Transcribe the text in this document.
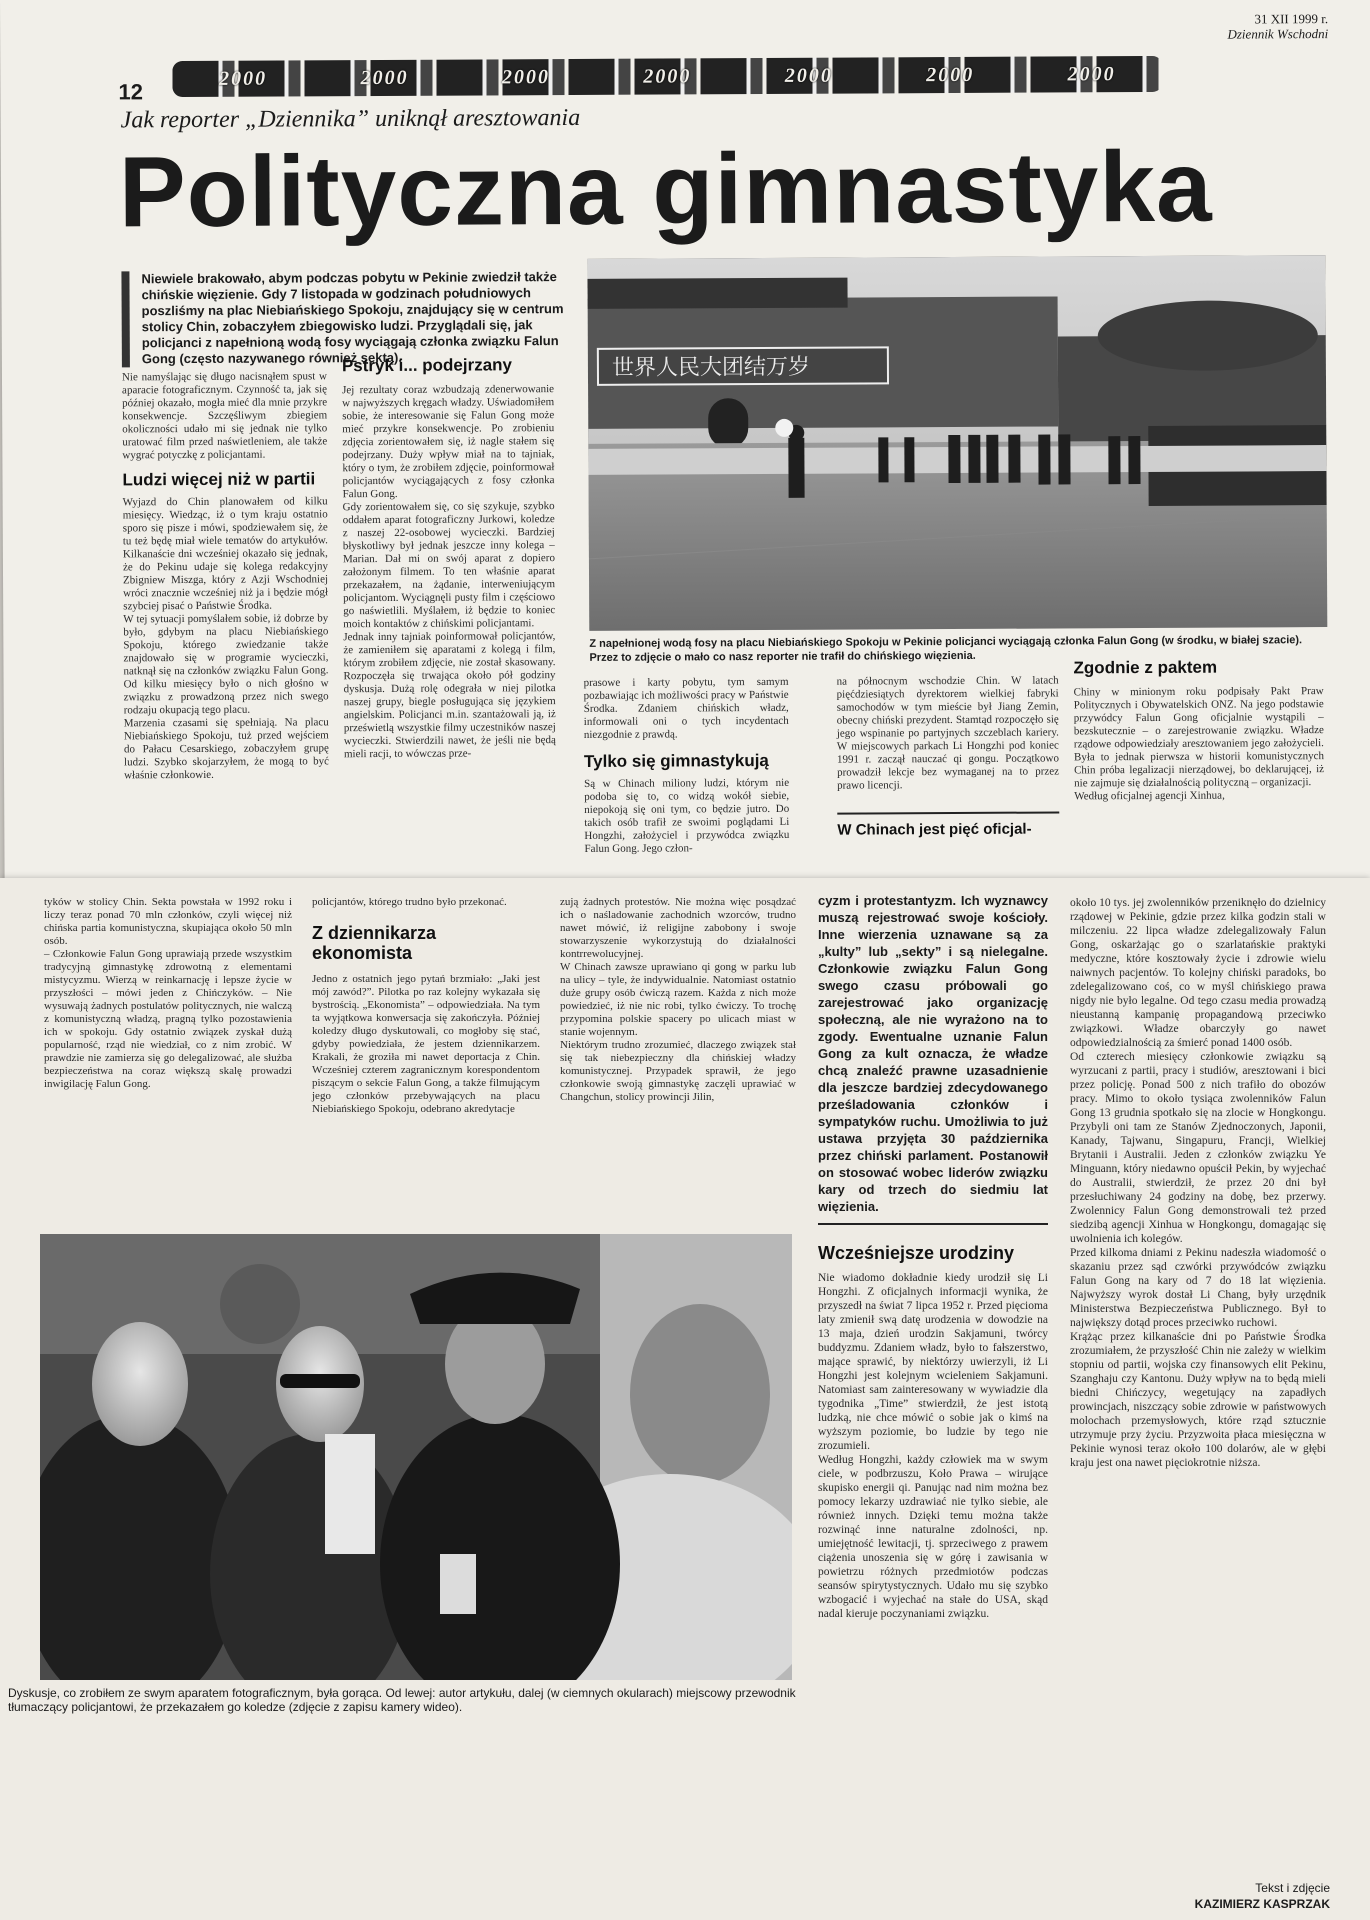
31 XII 1999 r.
Dziennik Wschodni
12
2000	2000	2000	2000	2000	2000	2000
Jak reporter „Dziennika” uniknął aresztowania
Polityczna gimnastyka
Niewiele brakowało, abym podczas pobytu w Pekinie zwiedził także chińskie więzienie. Gdy 7 listopada w godzinach południowych poszliśmy na plac Niebiańskiego Spokoju, znajdujący się w centrum stolicy Chin, zobaczyłem zbiegowisko ludzi. Przyglądali się, jak policjanci z napełnioną wodą fosy wyciągają członka związku Falun Gong (często nazywanego również sektą).
Nie namyślając się długo nacisnąłem spust w aparacie fotograficznym. Czynność ta, jak się później okazało, mogła mieć dla mnie przykre konsekwencje. Szczęśliwym zbiegiem okoliczności udało mi się jednak nie tylko uratować film przed naświetleniem, ale także wygrać potyczkę z policjantami.
Ludzi więcej niż w partii
Wyjazd do Chin planowałem od kilku miesięcy. Wiedząc, iż o tym kraju ostatnio sporo się pisze i mówi, spodziewałem się, że tu też będę miał wiele tematów do artykułów. Kilkanaście dni wcześniej okazało się jednak, że do Pekinu udaje się kolega redakcyjny Zbigniew Miszga, który z Azji Wschodniej wróci znacznie wcześniej niż ja i będzie mógł szybciej pisać o Państwie Środka.
W tej sytuacji pomyślałem sobie, iż dobrze by było, gdybym na placu Niebiańskiego Spokoju, którego zwiedzanie także znajdowało się w programie wycieczki, natknął się na członków związku Falun Gong. Od kilku miesięcy było o nich głośno w związku z prowadzoną przez nich swego rodzaju okupacją tego placu.
Marzenia czasami się spełniają. Na placu Niebiańskiego Spokoju, tuż przed wejściem do Pałacu Cesarskiego, zobaczyłem grupę ludzi. Szybko skojarzyłem, że mogą to być właśnie członkowie.
Pstryk i... podejrzany
Jej rezultaty coraz wzbudzają zdenerwowanie w najwyższych kręgach władzy. Uświadomiłem sobie, że interesowanie się Falun Gong może mieć przykre konsekwencje. Po zrobieniu zdjęcia zorientowałem się, iż nagle stałem się podejrzany. Duży wpływ miał na to tajniak, który o tym, że zrobiłem zdjęcie, poinformował policjantów wyciągających z fosy członka Falun Gong.
Gdy zorientowałem się, co się szykuje, szybko oddałem aparat fotograficzny Jurkowi, koledze z naszej 22-osobowej wycieczki. Bardziej błyskotliwy był jednak jeszcze inny kolega – Marian. Dał mi on swój aparat z dopiero założonym filmem. To ten właśnie aparat przekazałem, na żądanie, interweniującym policjantom. Wyciągnęli pusty film i częściowo go naświetlili. Myślałem, iż będzie to koniec moich kontaktów z chińskimi policjantami.
Jednak inny tajniak poinformował policjantów, że zamieniłem się aparatami z kolegą i film, którym zrobiłem zdjęcie, nie został skasowany. Rozpoczęła się trwająca około pół godziny dyskusja. Dużą rolę odegrała w niej pilotka naszej grupy, biegle posługująca się językiem angielskim. Policjanci m.in. szantażowali ją, iż prześwietlą wszystkie filmy uczestników naszej wycieczki. Stwierdzili nawet, że jeśli nie będą mieli racji, to wówczas prze-
世界人民大团结万岁
Z napełnionej wodą fosy na placu Niebiańskiego Spokoju w Pekinie policjanci wyciągają członka Falun Gong (w środku, w białej szacie). Przez to zdjęcie o mało co nasz reporter nie trafił do chińskiego więzienia.
prasowe i karty pobytu, tym samym pozbawiając ich możliwości pracy w Państwie Środka. Zdaniem chińskich władz, informowali oni o tych incydentach niezgodnie z prawdą.
Tylko się gimnastykują
Są w Chinach miliony ludzi, którym nie podoba się to, co widzą wokół siebie, niepokoją się oni tym, co będzie jutro. Do takich osób trafił ze swoimi poglądami Li Hongzhi, założyciel i przywódca związku Falun Gong. Jego człon-
na północnym wschodzie Chin. W latach pięćdziesiątych dyrektorem wielkiej fabryki samochodów w tym mieście był Jiang Zemin, obecny chiński prezydent. Stamtąd rozpoczęło się jego wspinanie po partyjnych szczeblach kariery. W miejscowych parkach Li Hongzhi pod koniec 1991 r. zaczął nauczać qi gongu. Początkowo prowadził lekcje bez wymaganej na to przez prawo licencji.
W Chinach jest pięć oficjal-
Zgodnie z paktem
Chiny w minionym roku podpisały Pakt Praw Politycznych i Obywatelskich ONZ. Na jego podstawie przywódcy Falun Gong oficjalnie wystąpili – bezskutecznie – o zarejestrowanie związku. Władze rządowe odpowiedziały aresztowaniem jego założycieli. Była to jednak pierwsza w historii komunistycznych Chin próba legalizacji nierządowej, bo deklarującej, iż nie zajmuje się działalnością polityczną – organizacji.
Według oficjalnej agencji Xinhua,
tyków w stolicy Chin. Sekta powstała w 1992 roku i liczy teraz ponad 70 mln członków, czyli więcej niż chińska partia komunistyczna, skupiająca około 50 mln osób.
– Członkowie Falun Gong uprawiają przede wszystkim tradycyjną gimnastykę zdrowotną z elementami mistycyzmu. Wierzą w reinkarnację i lepsze życie w przyszłości – mówi jeden z Chińczyków. – Nie wysuwają żadnych postulatów politycznych, nie walczą z komunistyczną władzą, pragną tylko pozostawienia ich w spokoju. Gdy ostatnio związek zyskał dużą popularność, rząd nie wiedział, co z nim zrobić. W prawdzie nie zamierza się go delegalizować, ale służba bezpieczeństwa na coraz większą skalę prowadzi inwigilację Falun Gong.
policjantów, którego trudno było przekonać.
Z dziennikarza ekonomista
Jedno z ostatnich jego pytań brzmiało: „Jaki jest mój zawód?”. Pilotka po raz kolejny wykazała się bystrością. „Ekonomista” – odpowiedziała. Na tym ta wyjątkowa konwersacja się zakończyła. Później koledzy długo dyskutowali, co mogłoby się stać, gdyby powiedziała, że jestem dziennikarzem. Krakali, że groziła mi nawet deportacja z Chin. Wcześniej czterem zagranicznym korespondentom piszącym o sekcie Falun Gong, a także filmującym jego członków przebywających na placu Niebiańskiego Spokoju, odebrano akredytacje
zują żadnych protestów. Nie można więc posądzać ich o naśladowanie zachodnich wzorców, trudno nawet mówić, iż religijne zabobony i swoje stowarzyszenie wykorzystują do działalności kontrrewolucyjnej.
W Chinach zawsze uprawiano qi gong w parku lub na ulicy – tyle, że indywidualnie. Natomiast ostatnio duże grupy osób ćwiczą razem. Każda z nich może powiedzieć, iż nie nic robi, tylko ćwiczy. To trochę przypomina polskie spacery po ulicach miast w stanie wojennym.
Niektórym trudno zrozumieć, dlaczego związek stał się tak niebezpieczny dla chińskiej władzy komunistycznej. Przypadek sprawił, że jego członkowie swoją gimnastykę zaczęli uprawiać w Changchun, stolicy prowincji Jilin,
cyzm i protestantyzm. Ich wyznawcy muszą rejestrować swoje kościoły. Inne wierzenia uznawane są za „kulty” lub „sekty” i są nielegalne. Członkowie związku Falun Gong swego czasu próbowali go zarejestrować jako organizację społeczną, ale nie wyrażono na to zgody. Ewentualne uznanie Falun Gong za kult oznacza, że władze chcą znaleźć prawne uzasadnienie dla jeszcze bardziej zdecydowanego prześladowania członków i sympatyków ruchu. Umożliwia to już ustawa przyjęta 30 października przez chiński parlament. Postanowił on stosować wobec liderów związku kary od trzech do siedmiu lat więzienia.
Wcześniejsze urodziny
Nie wiadomo dokładnie kiedy urodził się Li Hongzhi. Z oficjalnych informacji wynika, że przyszedł na świat 7 lipca 1952 r. Przed pięcioma laty zmienił swą datę urodzenia w dowodzie na 13 maja, dzień urodzin Sakjamuni, twórcy buddyzmu. Zdaniem władz, było to fałszerstwo, mające sprawić, by niektórzy uwierzyli, iż Li Hongzhi jest kolejnym wcieleniem Sakjamuni. Natomiast sam zainteresowany w wywiadzie dla tygodnika „Time” stwierdził, że jest istotą ludzką, nie chce mówić o sobie jak o kimś na wyższym poziomie, bo ludzie by tego nie zrozumieli.
Według Hongzhi, każdy człowiek ma w swym ciele, w podbrzuszu, Koło Prawa – wirujące skupisko energii qi. Panując nad nim można bez pomocy lekarzy uzdrawiać nie tylko siebie, ale również innych. Dzięki temu można także rozwinąć inne naturalne zdolności, np. umiejętność lewitacji, tj. sprzeciwego z prawem ciążenia unoszenia się w górę i zawisania w powietrzu różnych przedmiotów podczas seansów spirytystycznych. Udało mu się szybko wzbogacić i wyjechać na stałe do USA, skąd nadal kieruje poczynaniami związku.
około 10 tys. jej zwolenników przeniknęło do dzielnicy rządowej w Pekinie, gdzie przez kilka godzin stali w milczeniu. 22 lipca władze zdelegalizowały Falun Gong, oskarżając go o szarlatańskie praktyki medyczne, które kosztowały życie i zdrowie wielu naiwnych pacjentów. To kolejny chiński paradoks, bo zdelegalizowano coś, co w myśl chińskiego prawa nigdy nie było legalne. Od tego czasu media prowadzą nieustanną kampanię propagandową przeciwko związkowi. Władze obarczyły go nawet odpowiedzialnością za śmierć ponad 1400 osób.
Od czterech miesięcy członkowie związku są wyrzucani z partii, pracy i studiów, aresztowani i bici przez policję. Ponad 500 z nich trafiło do obozów pracy. Mimo to około tysiąca zwolenników Falun Gong 13 grudnia spotkało się na zlocie w Hongkongu. Przybyli oni tam ze Stanów Zjednoczonych, Japonii, Kanady, Tajwanu, Singapuru, Francji, Wielkiej Brytanii i Australii. Jeden z członków związku Ye Minguann, który niedawno opuścił Pekin, by wyjechać do Australii, stwierdził, że przez 20 dni był przesłuchiwany 24 godziny na dobę, bez przerwy. Zwolennicy Falun Gong demonstrowali też przed siedzibą agencji Xinhua w Hongkongu, domagając się uwolnienia ich kolegów.
Przed kilkoma dniami z Pekinu nadeszła wiadomość o skazaniu przez sąd czwórki przywódców związku Falun Gong na kary od 7 do 18 lat więzienia. Najwyższy wyrok dostał Li Chang, były urzędnik Ministerstwa Bezpieczeństwa Publicznego. Był to największy dotąd proces przeciwko ruchowi.
Krążąc przez kilkanaście dni po Państwie Środka zrozumiałem, że przyszłość Chin nie zależy w wielkim stopniu od partii, wojska czy finansowych elit Pekinu, Szanghaju czy Kantonu. Duży wpływ na to będą mieli biedni Chińczycy, wegetujący na zapadłych prowincjach, niszczący sobie zdrowie w państwowych molochach przemysłowych, które rząd sztucznie utrzymuje przy życiu. Przyzwoita płaca miesięczna w Pekinie wynosi teraz około 100 dolarów, ale w głębi kraju jest ona nawet pięciokrotnie niższa.
Dyskusje, co zrobiłem ze swym aparatem fotograficznym, była gorąca. Od lewej: autor artykułu, dalej (w ciemnych okularach) miejscowy przewodnik tłumaczący policjantowi, że przekazałem go koledze (zdjęcie z zapisu kamery wideo).
Tekst i zdjęcie
KAZIMIERZ KASPRZAK
